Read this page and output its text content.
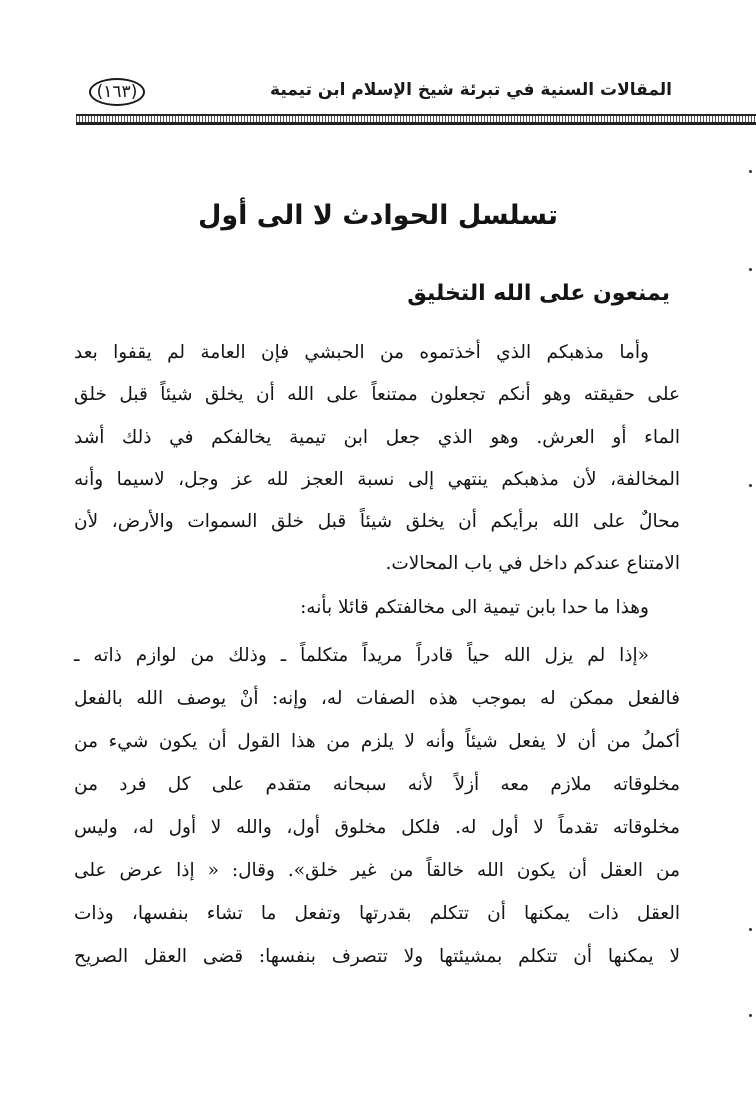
المقالات السنية في تبرئة شيخ الإسلام ابن تيمية
(١٦٣)
تسلسل الحوادث لا الى أول
يمنعون على الله التخليق

وأما مذهبكم الذي أخذتموه من الحبشي فإن العامة لم يقفوا بعد

على حقيقته وهو أنكم تجعلون ممتنعاً على الله أن يخلق شيئاً قبل خلق

الماء أو العرش. وهو الذي جعل ابن تيمية يخالفكم في ذلك أشد

المخالفة، لأن مذهبكم ينتهي إلى نسبة العجز لله عز وجل، لاسيما وأنه

محالٌ على الله برأيكم أن يخلق شيئاً قبل خلق السموات والأرض، لأن

الامتناع عندكم داخل في باب المحالات.

وهذا ما حدا بابن تيمية الى مخالفتكم قائلا بأنه:

«إذا لم يزل الله حياً قادراً مريداً متكلماً ـ وذلك من لوازم ذاته ـ

فالفعل ممكن له بموجب هذه الصفات له، وإنه: أنْ يوصف الله بالفعل

أكملُ من أن لا يفعل شيئاً وأنه لا يلزم من هذا القول أن يكون شيء من

مخلوقاته ملازم معه أزلاً لأنه سبحانه متقدم على كل فرد من

مخلوقاته تقدماً لا أول له. فلكل مخلوق أول، والله لا أول له، وليس

من العقل أن يكون الله خالقاً من غير خلق». وقال: « إذا عرض على

العقل ذات يمكنها أن تتكلم بقدرتها وتفعل ما تشاء بنفسها، وذات

لا يمكنها أن تتكلم بمشيئتها ولا تتصرف بنفسها: قضى العقل الصريح
